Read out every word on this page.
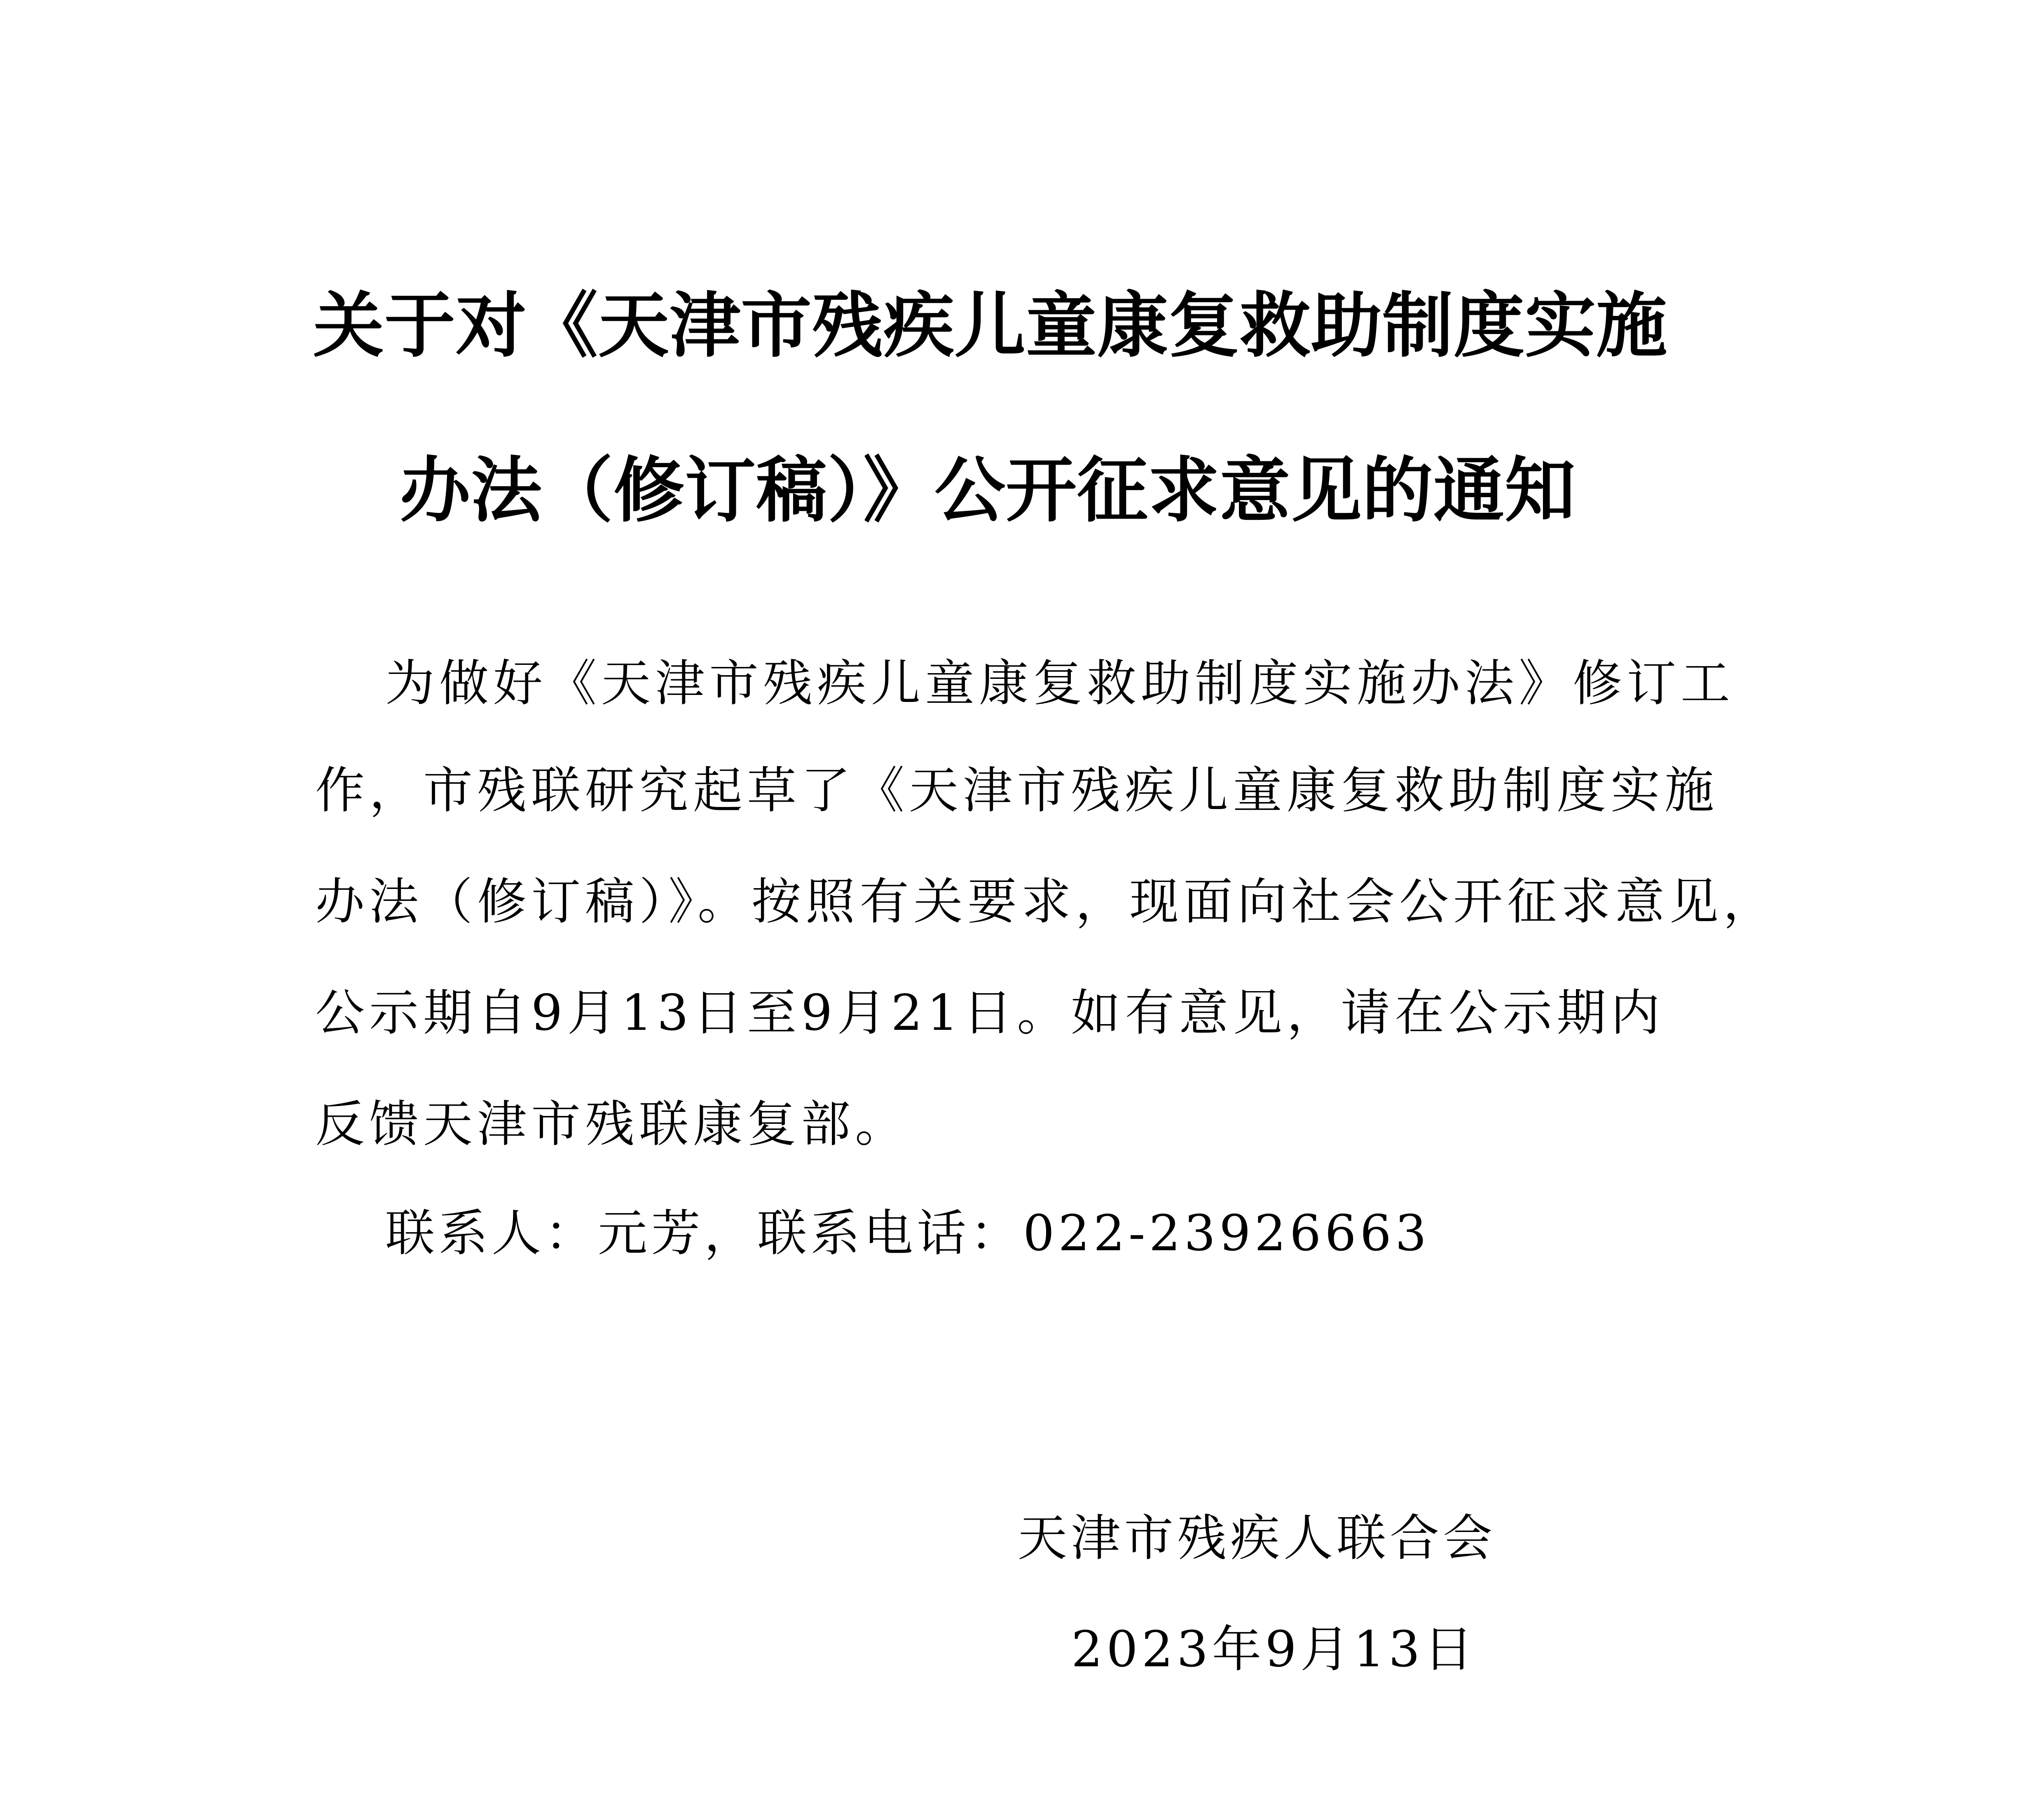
关于对《天津市残疾儿童康复救助制度实施
办法（修订稿）》公开征求意见的通知
为做好《天津市残疾儿童康复救助制度实施办法》修订工
作，市残联研究起草了《天津市残疾儿童康复救助制度实施
办法（修订稿）》。按照有关要求，现面向社会公开征求意见，
公示期自9月13日至9月21日。如有意见，请在公示期内
反馈天津市残联康复部。
联系人：元芳，联系电话：022-23926663
天津市残疾人联合会
2023年9月13日
